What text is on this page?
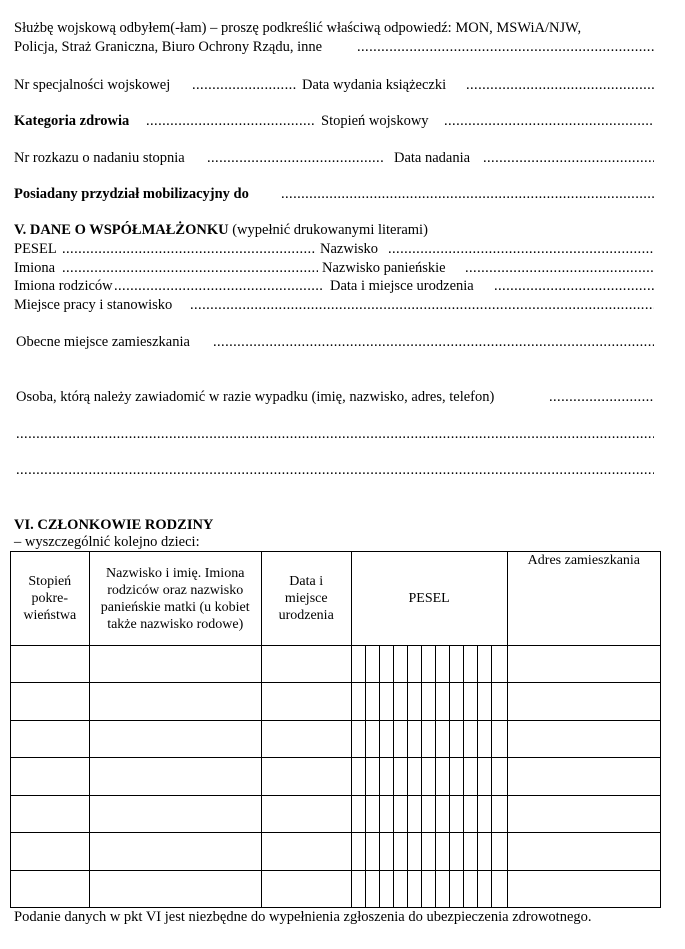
Służbę wojskową odbyłem(-łam) – proszę podkreślić właściwą odpowiedź: MON, MSWiA/NJW,
Policja, Straż Graniczna, Biuro Ochrony Rządu, inne
.....
Nr specjalności wojskowej .....	Data wydania książeczki
.....
Kategoria zdrowia .....	Stopień wojskowy
.....
Nr rozkazu o nadaniu stopnia .....	Data nadania
.....
Posiadany przydział mobilizacyjny do
.....
V. DANE O WSPÓŁMAŁŻONKU (wypełnić drukowanymi literami)
PESEL .....	Nazwisko
.....
Imiona .....	Nazwisko panieńskie
.....
Imiona rodziców .....	Data i miejsce urodzenia
.....
Miejsce pracy i stanowisko
.....
Obecne miejsce zamieszkania
.....
Osoba, którą należy zawiadomić w razie wypadku (imię, nazwisko, adres, telefon)
.....
.....
.....
VI. CZŁONKOWIE RODZINY
– wyszczególnić kolejno dzieci:
Stopień pokre- wieństwa	Nazwisko i imię. Imiona rodziców oraz nazwisko panieńskie matki (u kobiet także nazwisko rodowe)	Data i miejsce urodzenia	PESEL											Adres zamieszkania

Podanie danych w pkt VI jest niezbędne do wypełnienia zgłoszenia do ubezpieczenia zdrowotnego.
